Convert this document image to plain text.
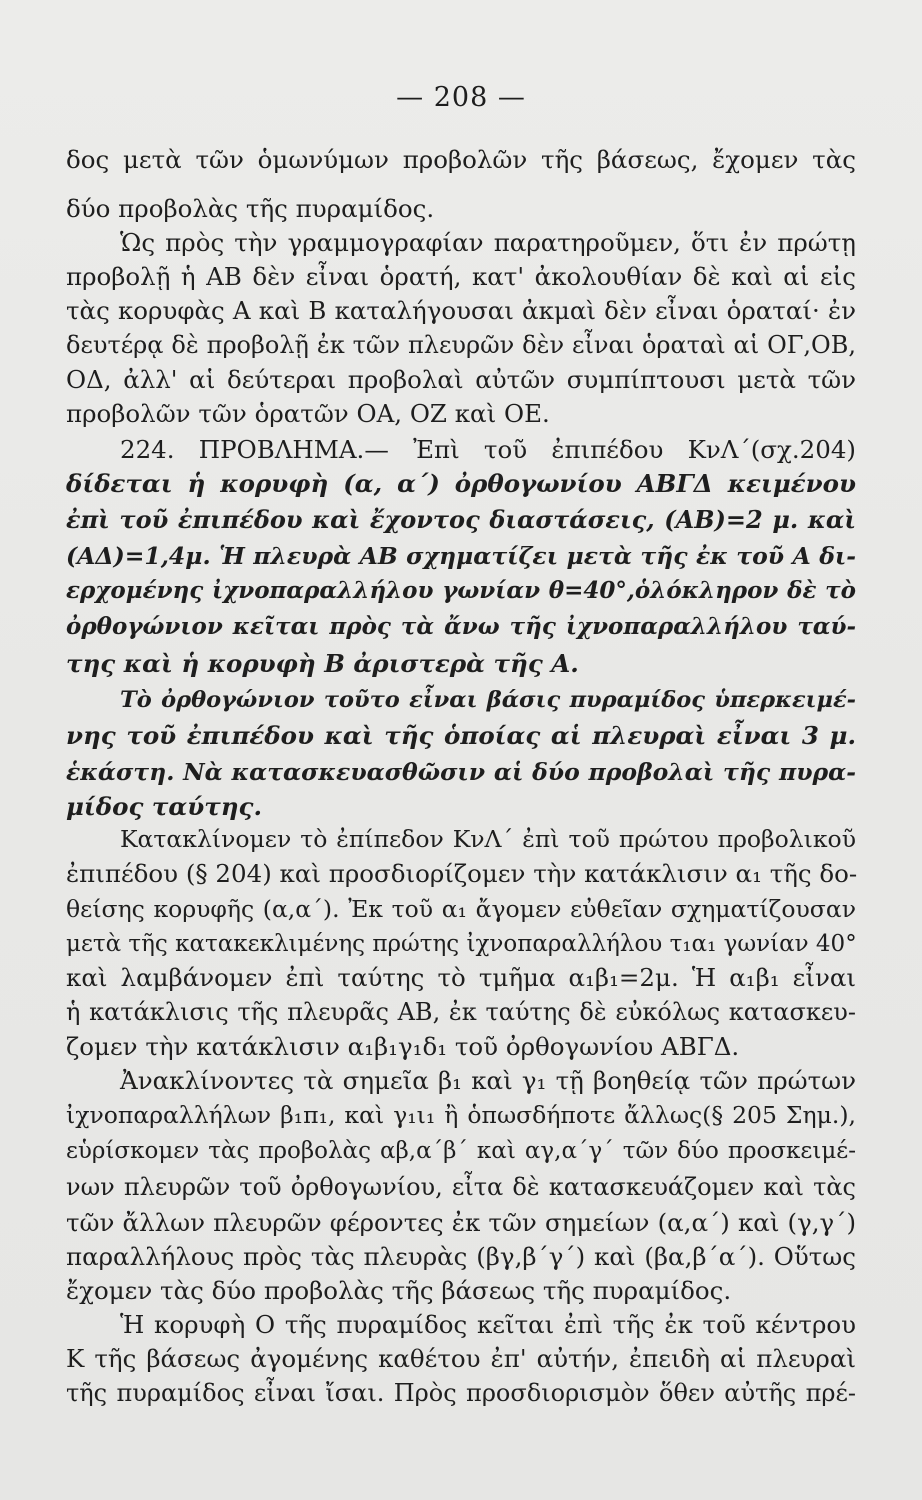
— 208 —
δος μετὰ τῶν ὁμωνύμων προβολῶν τῆς βάσεως, ἔχομεν τὰς
δύο προβολὰς τῆς πυραμίδος.
Ὡς πρὸς τὴν γραμμογραφίαν παρατηροῦμεν, ὅτι ἐν πρώτῃ
προβολῇ ἡ ΑΒ δὲν εἶναι ὁρατή, κατ' ἀκολουθίαν δὲ καὶ αἱ εἰς
τὰς κορυφὰς Α καὶ Β καταλήγουσαι ἀκμαὶ δὲν εἶναι ὁραταί· ἐν
δευτέρᾳ δὲ προβολῇ ἐκ τῶν πλευρῶν δὲν εἶναι ὁραταὶ αἱ ΟΓ,ΟΒ,
ΟΔ, ἀλλ' αἱ δεύτεραι προβολαὶ αὐτῶν συμπίπτουσι μετὰ τῶν
προβολῶν τῶν ὁρατῶν ΟΑ, ΟΖ καὶ ΟΕ.
224. ΠΡΟΒΛΗΜΑ.— Ἐπὶ τοῦ ἐπιπέδου ΚνΛ΄(σχ.204)
δίδεται ἡ κορυφὴ (α, α΄) ὀρθογωνίου ΑΒΓΔ κειμένου
ἐπὶ τοῦ ἐπιπέδου καὶ ἔχοντος διαστάσεις, (ΑΒ)=2 μ. καὶ
(ΑΔ)=1,4μ. Ἡ πλευρὰ ΑΒ σχηματίζει μετὰ τῆς ἐκ τοῦ Α δι-
ερχομένης ἰχνοπαραλλήλου γωνίαν θ=40°,ὁλόκληρον δὲ τὸ
ὀρθογώνιον κεῖται πρὸς τὰ ἄνω τῆς ἰχνοπαραλλήλου ταύ-
της καὶ ἡ κορυφὴ Β ἀριστερὰ τῆς Α.
Τὸ ὀρθογώνιον τοῦτο εἶναι βάσις πυραμίδος ὑπερκειμέ-
νης τοῦ ἐπιπέδου καὶ τῆς ὁποίας αἱ πλευραὶ εἶναι 3 μ.
ἑκάστη. Νὰ κατασκευασθῶσιν αἱ δύο προβολαὶ τῆς πυρα-
μίδος ταύτης.
Κατακλίνομεν τὸ ἐπίπεδον ΚνΛ΄ ἐπὶ τοῦ πρώτου προβολικοῦ
ἐπιπέδου (§ 204) καὶ προσδιορίζομεν τὴν κατάκλισιν α₁ τῆς δο-
θείσης κορυφῆς (α,α΄). Ἐκ τοῦ α₁ ἄγομεν εὐθεῖαν σχηματίζουσαν
μετὰ τῆς κατακεκλιμένης πρώτης ἰχνοπαραλλήλου τ₁α₁ γωνίαν 40°
καὶ λαμβάνομεν ἐπὶ ταύτης τὸ τμῆμα α₁β₁=2μ. Ἡ α₁β₁ εἶναι
ἡ κατάκλισις τῆς πλευρᾶς ΑΒ, ἐκ ταύτης δὲ εὐκόλως κατασκευ-
ζομεν τὴν κατάκλισιν α₁β₁γ₁δ₁ τοῦ ὀρθογωνίου ΑΒΓΔ.
Ἀνακλίνοντες τὰ σημεῖα β₁ καὶ γ₁ τῇ βοηθείᾳ τῶν πρώτων
ἰχνοπαραλλήλων β₁π₁, καὶ γ₁ι₁ ἢ ὁπωσδήποτε ἄλλως(§ 205 Σημ.),
εὑρίσκομεν τὰς προβολὰς αβ,α΄β΄ καὶ αγ,α΄γ΄ τῶν δύο προσκειμέ-
νων πλευρῶν τοῦ ὀρθογωνίου, εἶτα δὲ κατασκευάζομεν καὶ τὰς
τῶν ἄλλων πλευρῶν φέροντες ἐκ τῶν σημείων (α,α΄) καὶ (γ,γ΄)
παραλλήλους πρὸς τὰς πλευρὰς (βγ,β΄γ΄) καὶ (βα,β΄α΄). Οὕτως
ἔχομεν τὰς δύο προβολὰς τῆς βάσεως τῆς πυραμίδος.
Ἡ κορυφὴ Ο τῆς πυραμίδος κεῖται ἐπὶ τῆς ἐκ τοῦ κέντρου
Κ τῆς βάσεως ἀγομένης καθέτου ἐπ' αὐτήν, ἐπειδὴ αἱ πλευραὶ
τῆς πυραμίδος εἶναι ἴσαι. Πρὸς προσδιορισμὸν ὅθεν αὐτῆς πρέ-
